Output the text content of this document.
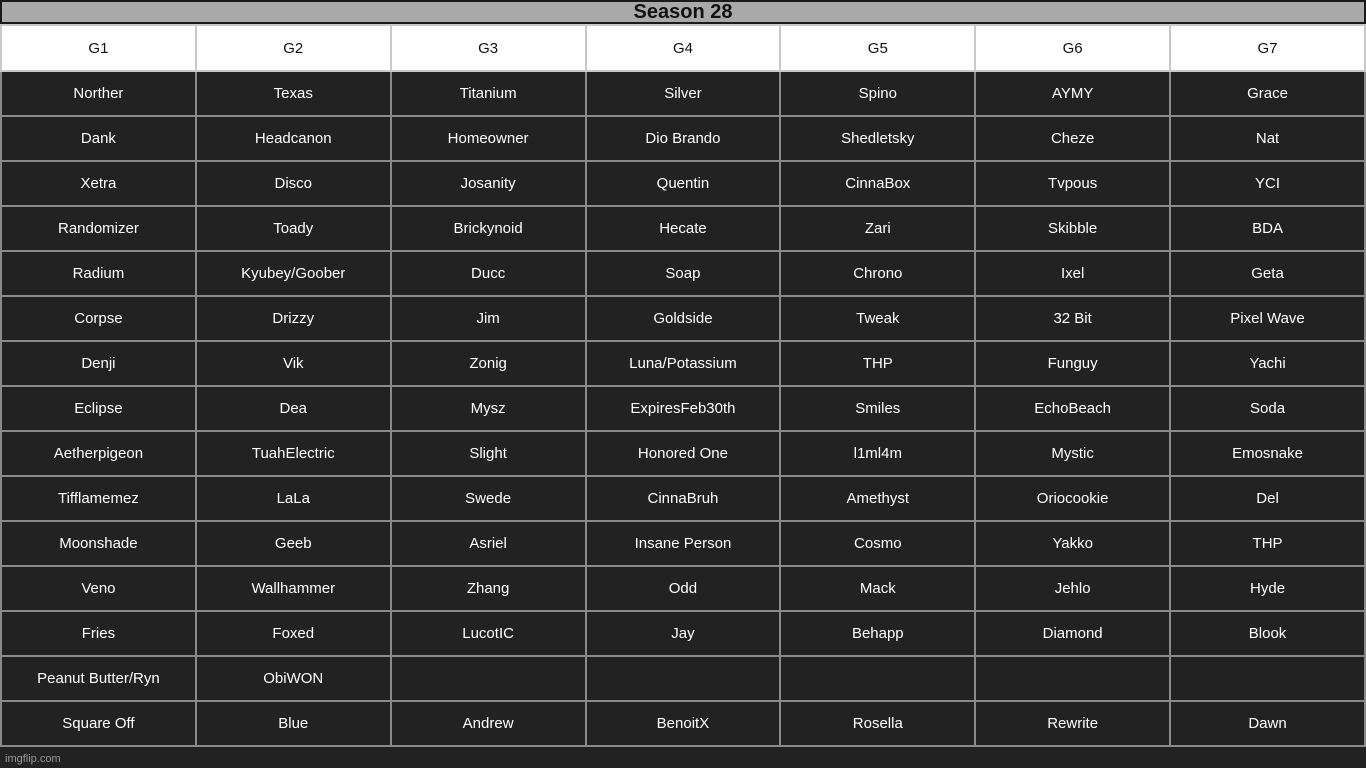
Season 28
G1	G2	G3	G4	G5	G6	G7
Norther	Texas	Titanium	Silver	Spino	AYMY	Grace
Dank	Headcanon	Homeowner	Dio Brando	Shedletsky	Cheze	Nat
Xetra	Disco	Josanity	Quentin	CinnaBox	Tvpous	YCI
Randomizer	Toady	Brickynoid	Hecate	Zari	Skibble	BDA
Radium	Kyubey/Goober	Ducc	Soap	Chrono	Ixel	Geta
Corpse	Drizzy	Jim	Goldside	Tweak	32 Bit	Pixel Wave
Denji	Vik	Zonig	Luna/Potassium	THP	Funguy	Yachi
Eclipse	Dea	Mysz	ExpiresFeb30th	Smiles	EchoBeach	Soda
Aetherpigeon	TuahElectric	Slight	Honored One	l1ml4m	Mystic	Emosnake
Tifflamemez	LaLa	Swede	CinnaBruh	Amethyst	Oriocookie	Del
Moonshade	Geeb	Asriel	Insane Person	Cosmo	Yakko	THP
Veno	Wallhammer	Zhang	Odd	Mack	Jehlo	Hyde
Fries	Foxed	LucotIC	Jay	Behapp	Diamond	Blook
Peanut Butter/Ryn	ObiWON					
Square Off	Blue	Andrew	BenoitX	Rosella	Rewrite	Dawn
imgflip.com
